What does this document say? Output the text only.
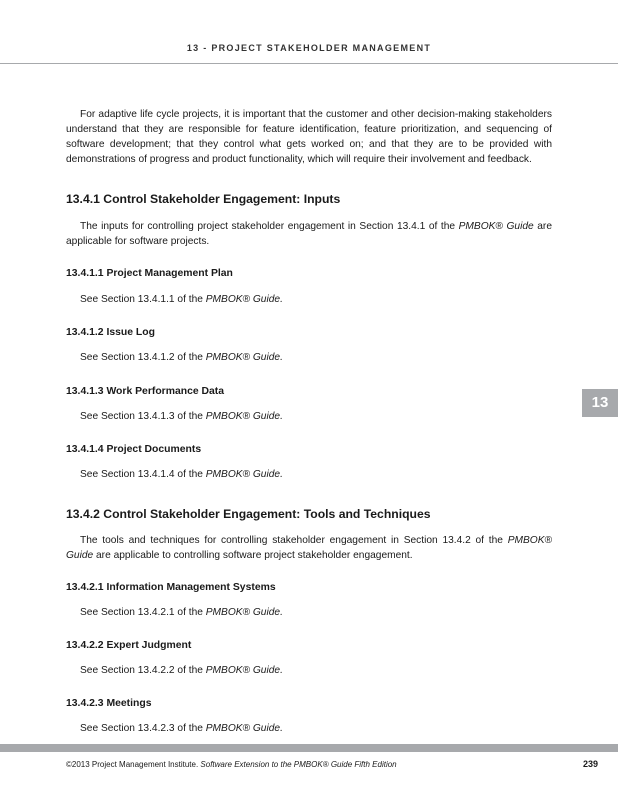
13 - PROJECT STAKEHOLDER MANAGEMENT

For adaptive life cycle projects, it is important that the customer and other decision-making stakeholders understand that they are responsible for feature identification, feature prioritization, and sequencing of software development; that they control what gets worked on; and that they are to be provided with demonstrations of progress and product functionality, which will require their involvement and feedback.

13.4.1 Control Stakeholder Engagement: Inputs

The inputs for controlling project stakeholder engagement in Section 13.4.1 of the PMBOK® Guide are applicable for software projects.

13.4.1.1 Project Management Plan

See Section 13.4.1.1 of the PMBOK® Guide.

13.4.1.2 Issue Log

See Section 13.4.1.2 of the PMBOK® Guide.

13.4.1.3 Work Performance Data

See Section 13.4.1.3 of the PMBOK® Guide.

13.4.1.4 Project Documents

See Section 13.4.1.4 of the PMBOK® Guide.

13.4.2 Control Stakeholder Engagement: Tools and Techniques

The tools and techniques for controlling stakeholder engagement in Section 13.4.2 of the PMBOK® Guide are applicable to controlling software project stakeholder engagement.

13.4.2.1 Information Management Systems

See Section 13.4.2.1 of the PMBOK® Guide.

13.4.2.2 Expert Judgment

See Section 13.4.2.2 of the PMBOK® Guide.

13.4.2.3 Meetings

See Section 13.4.2.3 of the PMBOK® Guide.

13
©2013 Project Management Institute. Software Extension to the PMBOK® Guide Fifth Edition	239
